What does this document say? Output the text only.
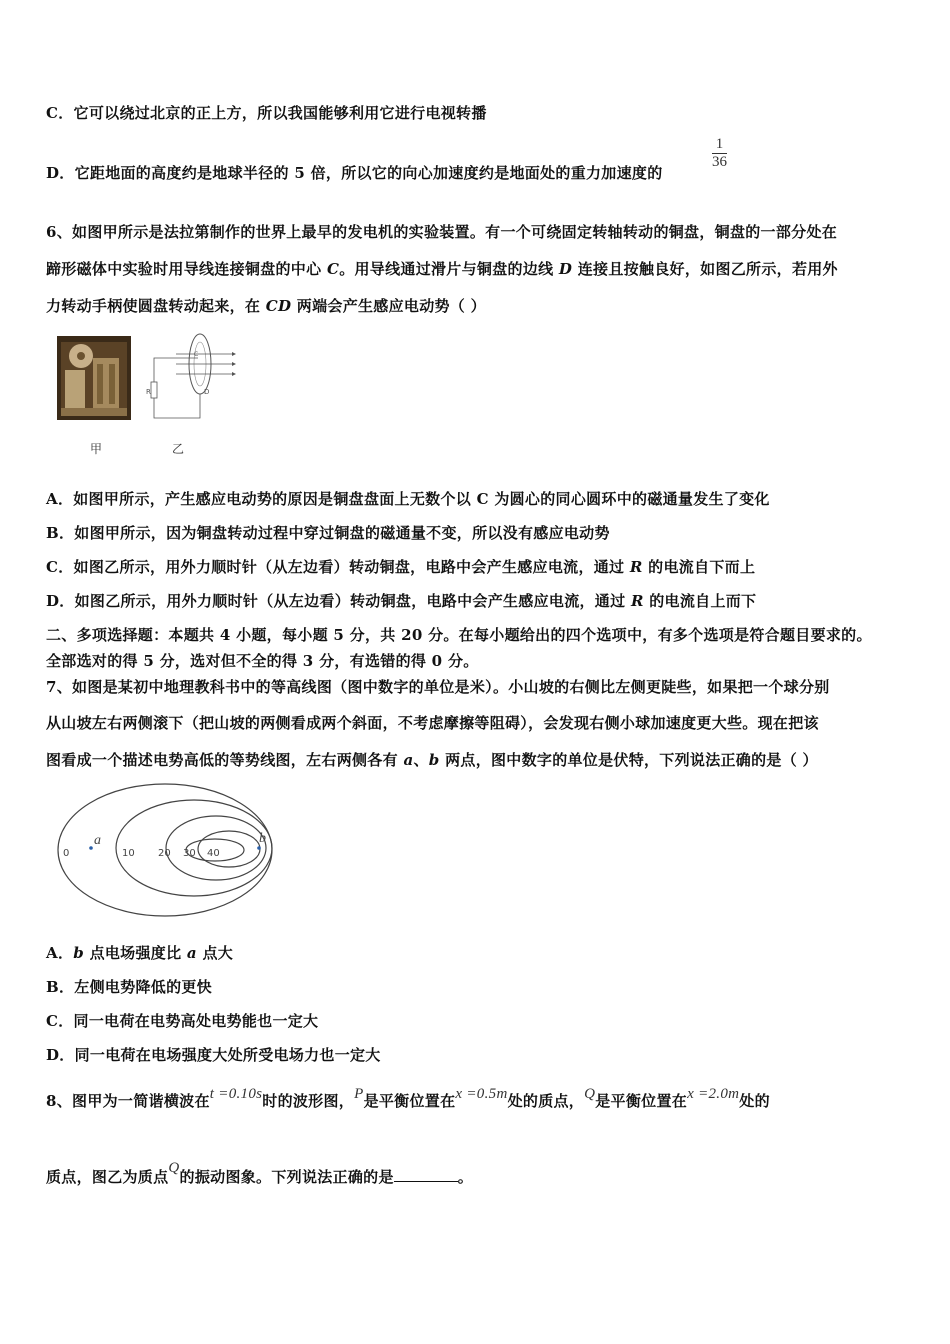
C．它可以绕过北京的正上方，所以我国能够利用它进行电视转播
D．它距地面的高度约是地球半径的 5 倍，所以它的向心加速度约是地面处的重力加速度的
$\frac{1}{36}$
6、如图甲所示是法拉第制作的世界上最早的发电机的实验装置。有一个可绕固定转轴转动的铜盘，铜盘的一部分处在
蹄形磁体中实验时用导线连接铜盘的中心 C。用导线通过滑片与铜盘的边线 D 连接且按触良好，如图乙所示，若用外
力转动手柄使圆盘转动起来，在 CD 两端会产生感应电动势（ ）
甲
R
C
D
乙
A．如图甲所示，产生感应电动势的原因是铜盘盘面上无数个以 C 为圆心的同心圆环中的磁通量发生了变化
B．如图甲所示，因为铜盘转动过程中穿过铜盘的磁通量不变，所以没有感应电动势
C．如图乙所示，用外力顺时针（从左边看）转动铜盘，电路中会产生感应电流，通过 R 的电流自下而上
D．如图乙所示，用外力顺时针（从左边看）转动铜盘，电路中会产生感应电流，通过 R 的电流自上而下
二、多项选择题：本题共 4 小题，每小题 5 分，共 20 分。在每小题给出的四个选项中，有多个选项是符合题目要求的。
全部选对的得 5 分，选对但不全的得 3 分，有选错的得 0 分。
7、如图是某初中地理教科书中的等高线图（图中数字的单位是米）。小山坡的右侧比左侧更陡些，如果把一个球分别
从山坡左右两侧滚下（把山坡的两侧看成两个斜面，不考虑摩擦等阻碍），会发现右侧小球加速度更大些。现在把该
图看成一个描述电势高低的等势线图，左右两侧各有 a、b 两点，图中数字的单位是伏特，下列说法正确的是（ ）
a	b
0	10 20 30 40
A．b 点电场强度比 a 点大
B．左侧电势降低的更快
C．同一电荷在电势高处电势能也一定大
D．同一电荷在电场强度大处所受电场力也一定大
8、图甲为一简谐横波在t =0.10s时的波形图，P是平衡位置在x =0.5m处的质点，Q是平衡位置在x =2.0m处的
质点，图乙为质点Q的振动图象。下列说法正确的是	。
